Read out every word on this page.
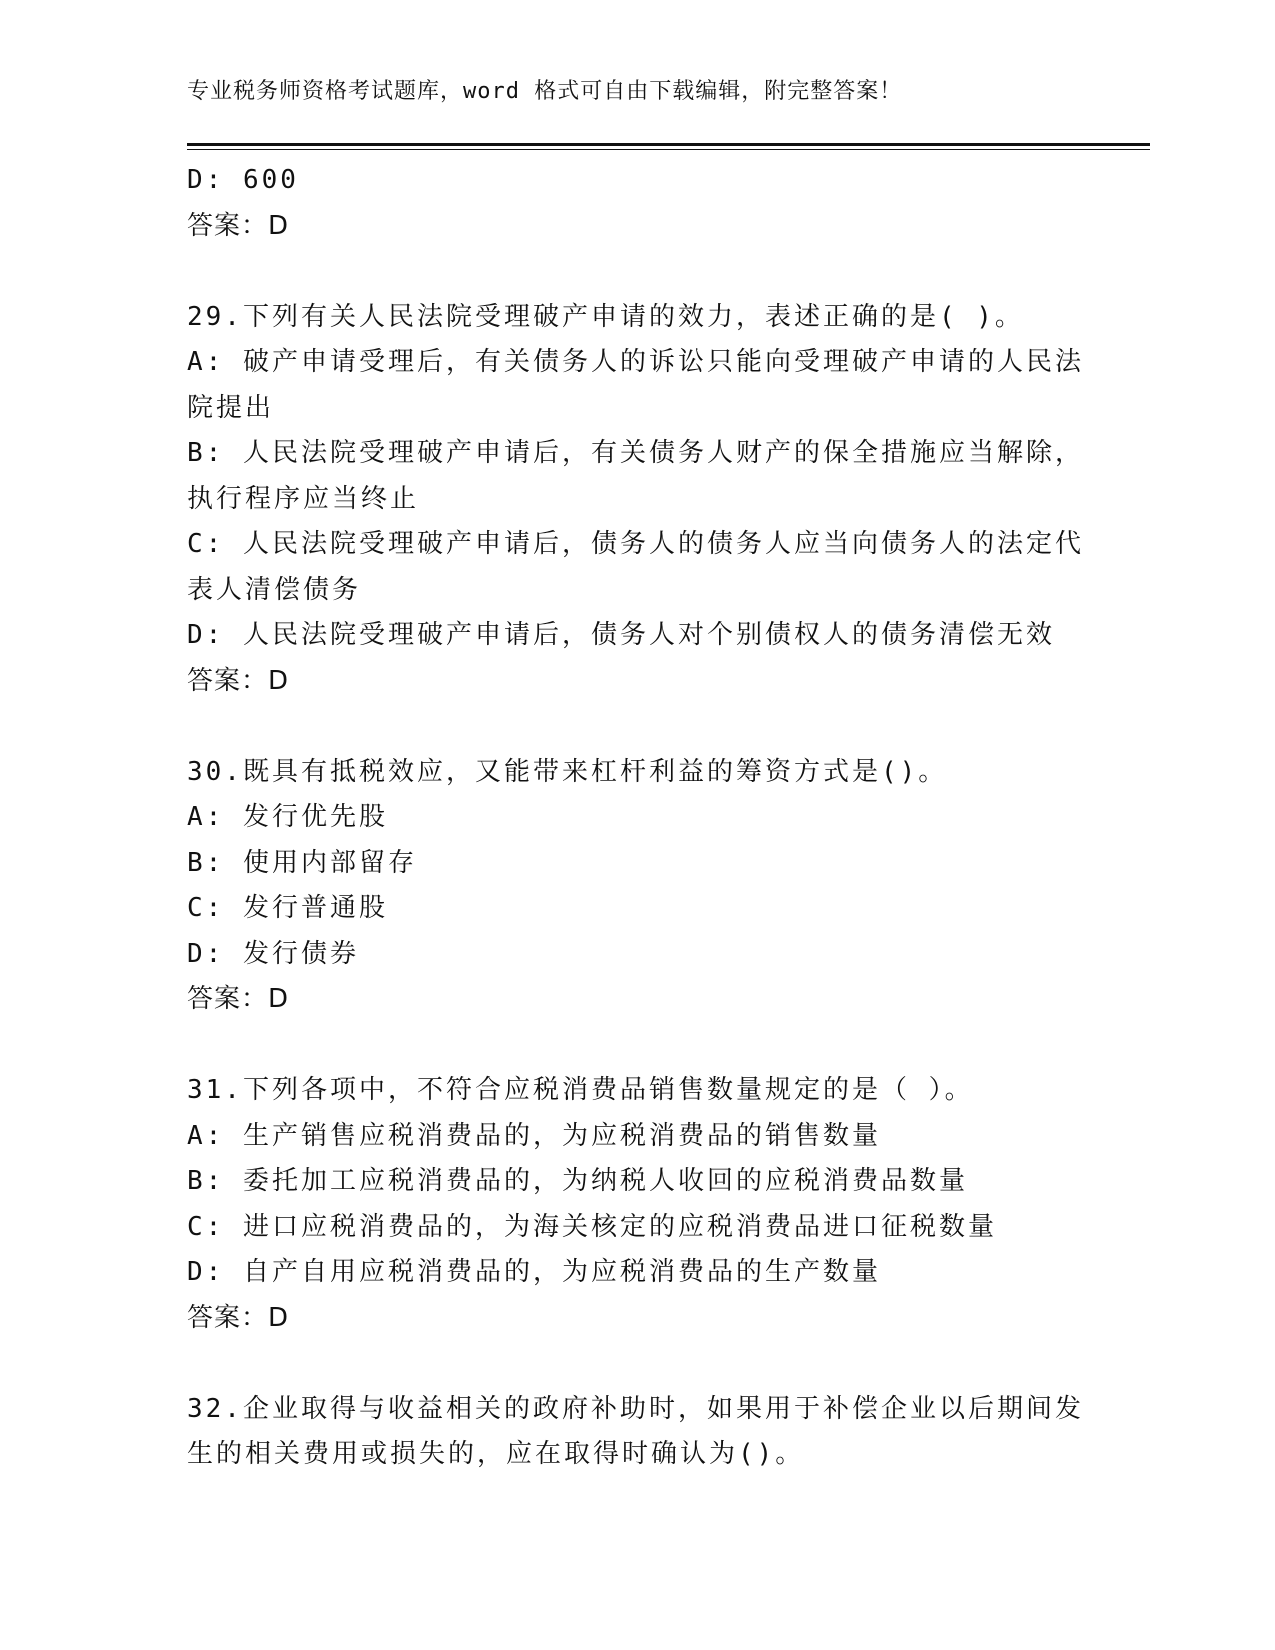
专业税务师资格考试题库，word 格式可自由下载编辑，附完整答案！
D: 600
答案：D
29.下列有关人民法院受理破产申请的效力，表述正确的是( )。
A: 破产申请受理后，有关债务人的诉讼只能向受理破产申请的人民法
院提出
B: 人民法院受理破产申请后，有关债务人财产的保全措施应当解除，
执行程序应当终止
C: 人民法院受理破产申请后，债务人的债务人应当向债务人的法定代
表人清偿债务
D: 人民法院受理破产申请后，债务人对个别债权人的债务清偿无效
答案：D
30.既具有抵税效应，又能带来杠杆利益的筹资方式是()。
A: 发行优先股
B: 使用内部留存
C: 发行普通股
D: 发行债券
答案：D
31.下列各项中，不符合应税消费品销售数量规定的是（ ）。
A: 生产销售应税消费品的，为应税消费品的销售数量
B: 委托加工应税消费品的，为纳税人收回的应税消费品数量
C: 进口应税消费品的，为海关核定的应税消费品进口征税数量
D: 自产自用应税消费品的，为应税消费品的生产数量
答案：D
32.企业取得与收益相关的政府补助时，如果用于补偿企业以后期间发
生的相关费用或损失的，应在取得时确认为()。
